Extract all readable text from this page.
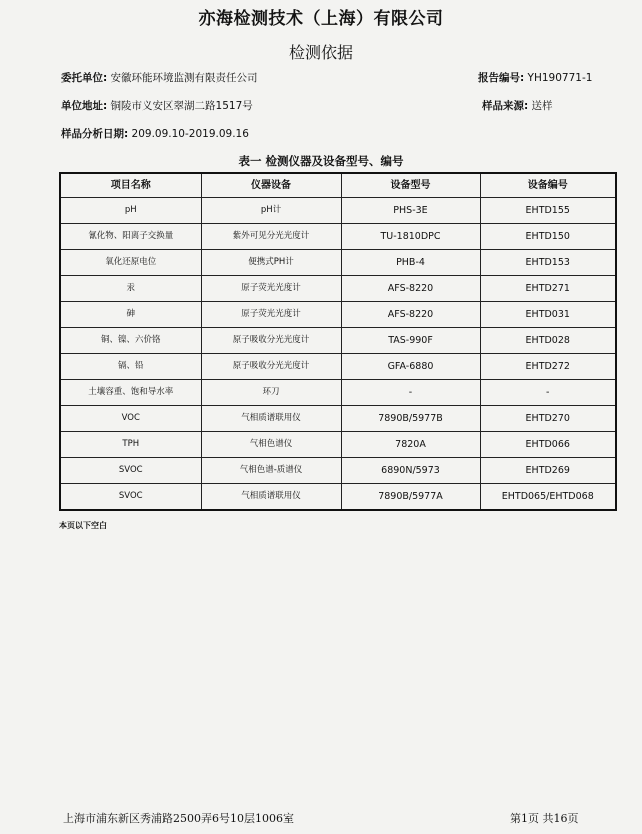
亦海检测技术（上海）有限公司
检测依据
委托单位: 安徽环能环境监测有限责任公司	报告编号: YH190771-1
单位地址: 铜陵市义安区翠湖二路1517号	样品来源: 送样
样品分析日期: 209.09.10-2019.09.16
表一 检测仪器及设备型号、编号
项目名称	仪器设备	设备型号	设备编号
pH	pH计	PHS-3E	EHTD155
氰化物、阳离子交换量	紫外可见分光光度计	TU-1810DPC	EHTD150
氧化还原电位	便携式PH计	PHB-4	EHTD153
汞	原子荧光光度计	AFS-8220	EHTD271
砷	原子荧光光度计	AFS-8220	EHTD031
铜、镍、六价铬	原子吸收分光光度计	TAS-990F	EHTD028
镉、铅	原子吸收分光光度计	GFA-6880	EHTD272
土壤容重、饱和导水率	环刀	-	-
VOC	气相质谱联用仪	7890B/5977B	EHTD270
TPH	气相色谱仪	7820A	EHTD066
SVOC	气相色谱-质谱仪	6890N/5973	EHTD269
SVOC	气相质谱联用仪	7890B/5977A	EHTD065/EHTD068
本页以下空白
上海市浦东新区秀浦路2500弄6号10层1006室	第1页 共16页
